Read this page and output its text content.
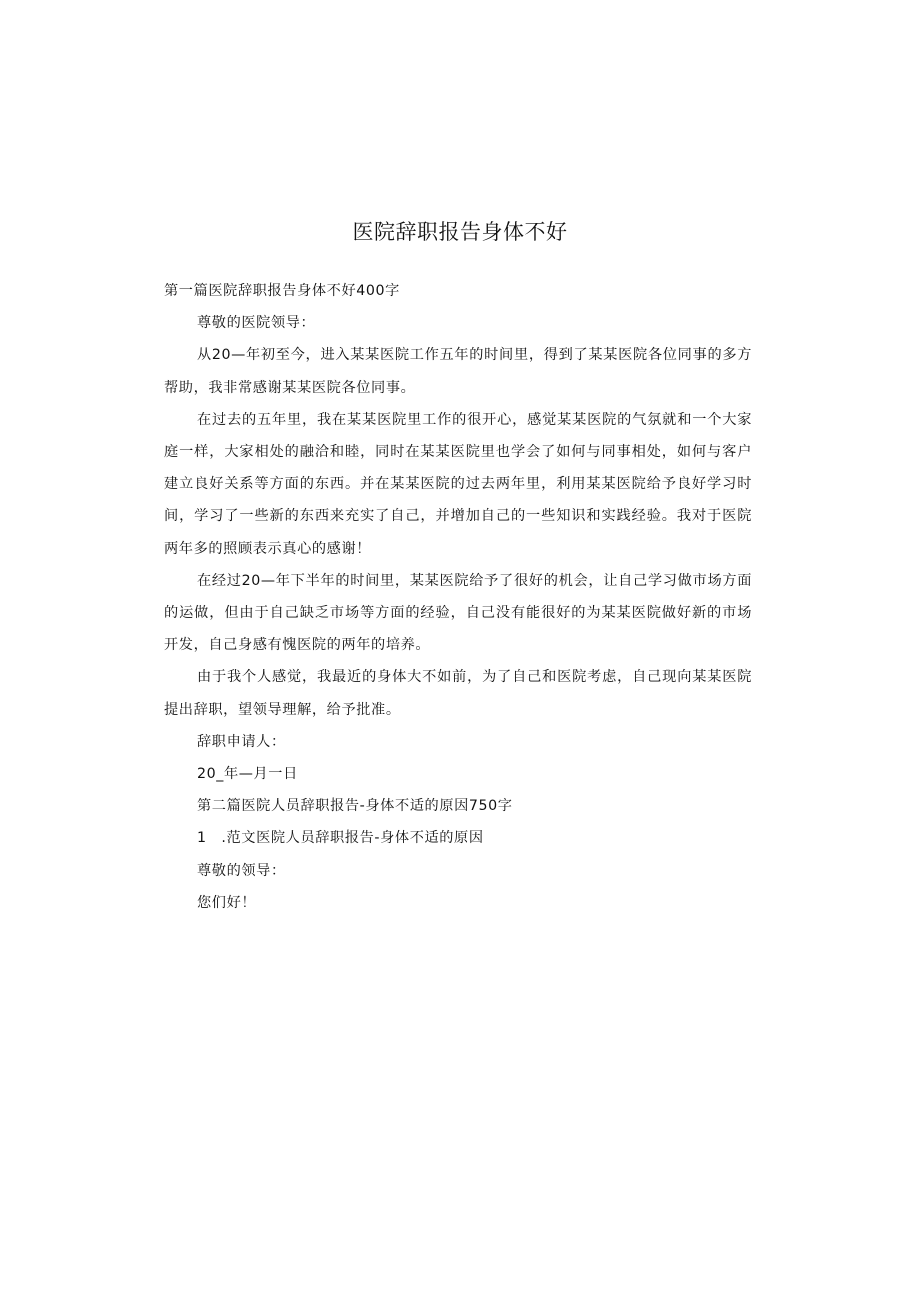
医院辞职报告身体不好

第一篇医院辞职报告身体不好400字

尊敬的医院领导：

从20—年初至今，进入某某医院工作五年的时间里，得到了某某医院各位同事的多方帮助，我非常感谢某某医院各位同事。

在过去的五年里，我在某某医院里工作的很开心，感觉某某医院的气氛就和一个大家庭一样，大家相处的融洽和睦，同时在某某医院里也学会了如何与同事相处，如何与客户建立良好关系等方面的东西。并在某某医院的过去两年里，利用某某医院给予良好学习时间，学习了一些新的东西来充实了自己，并增加自己的一些知识和实践经验。我对于医院两年多的照顾表示真心的感谢！

在经过20—年下半年的时间里，某某医院给予了很好的机会，让自己学习做市场方面的运做，但由于自己缺乏市场等方面的经验，自己没有能很好的为某某医院做好新的市场开发，自己身感有愧医院的两年的培养。

由于我个人感觉，我最近的身体大不如前，为了自己和医院考虑，自己现向某某医院提出辞职，望领导理解，给予批准。

辞职申请人：

20_年—月一日

第二篇医院人员辞职报告-身体不适的原因750字

1　.范文医院人员辞职报告-身体不适的原因

尊敬的领导：

您们好！
